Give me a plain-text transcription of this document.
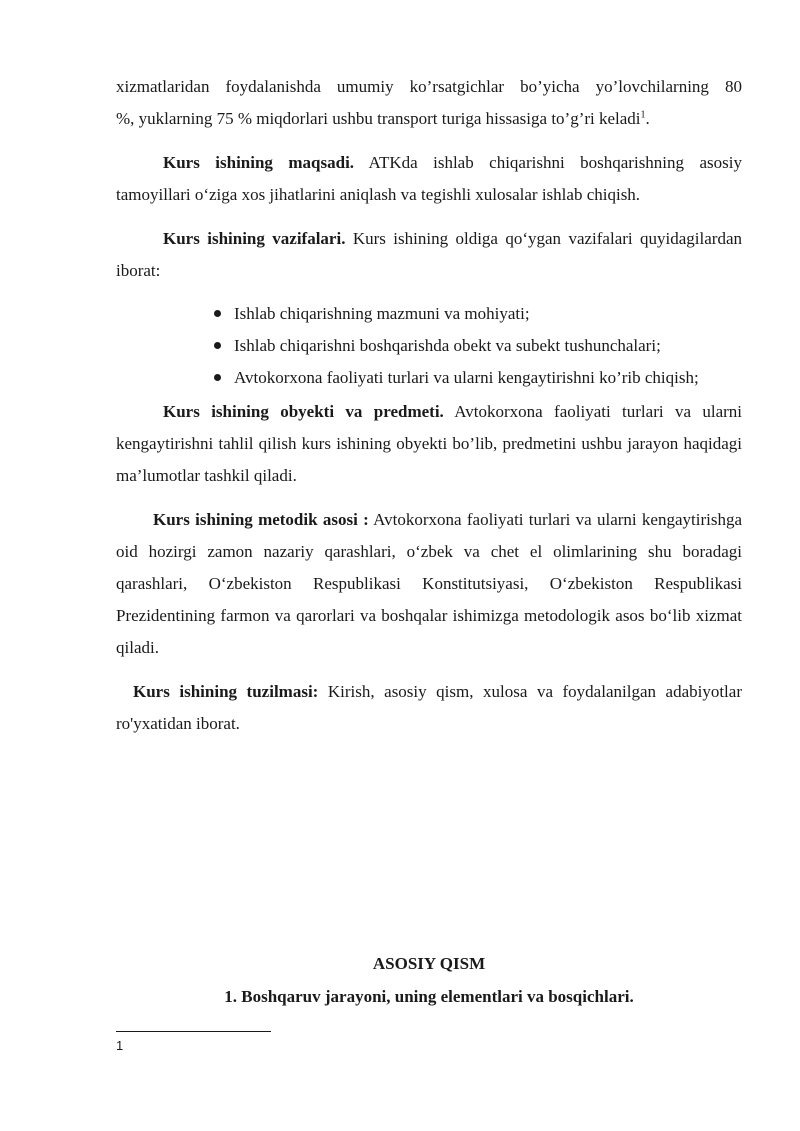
xizmatlaridan foydalanishda umumiy ko’rsatgichlar bo’yicha yo’lovchilarning 80

%, yuklarning 75 % miqdorlari ushbu transport turiga hissasiga to’g’ri keladi$^1$.

Kurs ishining maqsadi. ATKda ishlab chiqarishni boshqarishning asosiy tamoyillari o‘ziga xos jihatlarini aniqlash va tegishli xulosalar ishlab chiqish.

Kurs ishining vazifalari. Kurs ishining oldiga qo‘ygan vazifalari quyidagilardan iborat:

Ishlab chiqarishning mazmuni va mohiyati;
Ishlab chiqarishni boshqarishda obekt va subekt tushunchalari;
Avtokorxona faoliyati turlari va ularni kengaytirishni ko’rib chiqish;

Kurs ishining obyekti va predmeti. Avtokorxona faoliyati turlari va ularni kengaytirishni tahlil qilish kurs ishining obyekti bo’lib, predmetini ushbu jarayon haqidagi ma’lumotlar tashkil qiladi.

Kurs ishining metodik asosi : Avtokorxona faoliyati turlari va ularni kengaytirishga oid hozirgi zamon nazariy qarashlari, o‘zbek va chet el olimlarining shu boradagi qarashlari, O‘zbekiston Respublikasi Konstitutsiyasi, O‘zbekiston Respublikasi Prezidentining farmon va qarorlari va boshqalar ishimizga metodologik asos bo‘lib xizmat qiladi.

Kurs ishining tuzilmasi: Kirish, asosiy qism, xulosa va foydalanilgan adabiyotlar ro'yxatidan iborat.

ASOSIY QISM
1. Boshqaruv jarayoni, uning elementlari va bosqichlari.
1
